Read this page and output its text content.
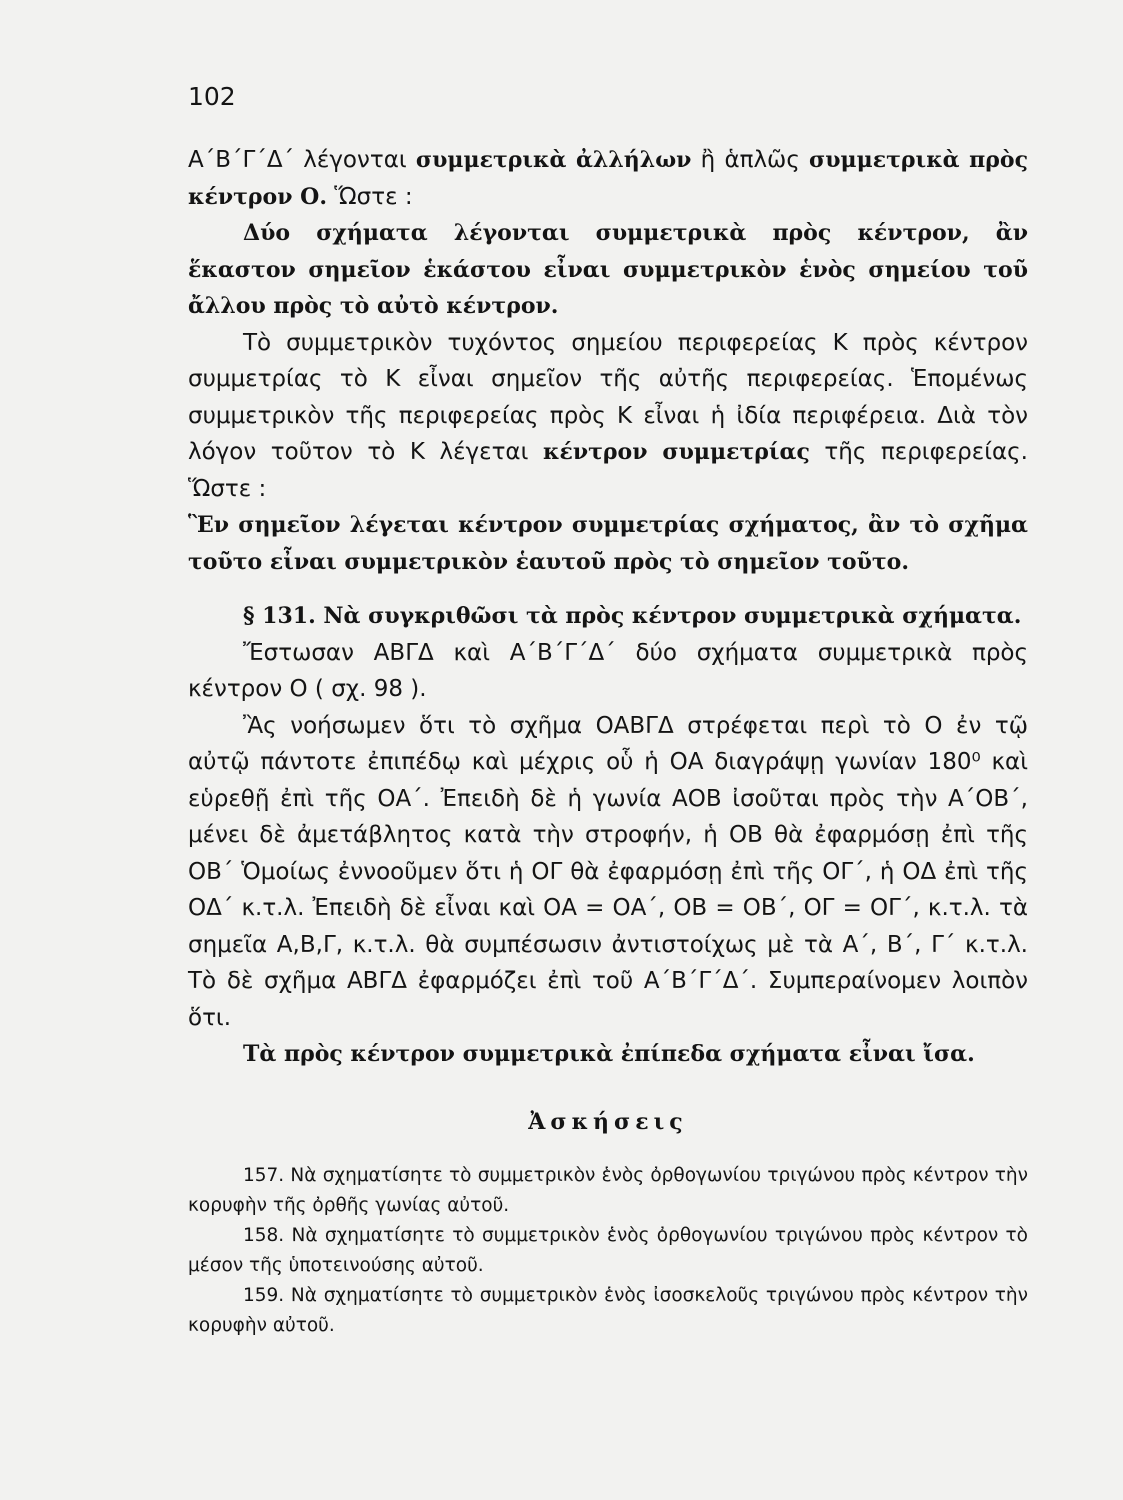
102

Α΄Β΄Γ΄Δ΄ λέγονται συμμετρικὰ ἀλλήλων ἢ ἁπλῶς συμμετρικὰ πρὸς κέντρον Ο. Ὥστε :

Δύο σχήματα λέγονται συμμετρικὰ πρὸς κέντρον, ἂν ἕκαστον σημεῖον ἑκάστου εἶναι συμμετρικὸν ἑνὸς σημείου τοῦ ἄλλου πρὸς τὸ αὐτὸ κέντρον.

Τὸ συμμετρικὸν τυχόντος σημείου περιφερείας Κ πρὸς κέντρον συμμετρίας τὸ Κ εἶναι σημεῖον τῆς αὐτῆς περιφερείας. Ἑπομένως συμμετρικὸν τῆς περιφερείας πρὸς Κ εἶναι ἡ ἰδία περιφέρεια. Διὰ τὸν λόγον τοῦτον τὸ Κ λέγεται κέντρον συμμετρίας τῆς περιφερείας. Ὥστε :

Ἓν σημεῖον λέγεται κέντρον συμμετρίας σχήματος, ἂν τὸ σχῆμα τοῦτο εἶναι συμμετρικὸν ἑαυτοῦ πρὸς τὸ σημεῖον τοῦτο.

§ 131. Νὰ συγκριθῶσι τὰ πρὸς κέντρον συμμετρικὰ σχήματα.

Ἔστωσαν ΑΒΓΔ καὶ Α΄Β΄Γ΄Δ΄ δύο σχήματα συμμετρικὰ πρὸς κέντρον Ο ( σχ. 98 ).

Ἂς νοήσωμεν ὅτι τὸ σχῆμα ΟΑΒΓΔ στρέφεται περὶ τὸ Ο ἐν τῷ αὐτῷ πάντοτε ἐπιπέδῳ καὶ μέχρις οὗ ἡ ΟΑ διαγράψῃ γωνίαν 180⁰ καὶ εὑρεθῇ ἐπὶ τῆς ΟΑ΄. Ἐπειδὴ δὲ ἡ γωνία ΑΟΒ ἰσοῦται πρὸς τὴν Α΄ΟΒ΄, μένει δὲ ἀμετάβλητος κατὰ τὴν στροφήν, ἡ ΟΒ θὰ ἐφαρμόσῃ ἐπὶ τῆς ΟΒ΄ Ὁμοίως ἐννοοῦμεν ὅτι ἡ ΟΓ θὰ ἐφαρμόσῃ ἐπὶ τῆς ΟΓ΄, ἡ ΟΔ ἐπὶ τῆς ΟΔ΄ κ.τ.λ. Ἐπειδὴ δὲ εἶναι καὶ ΟΑ = ΟΑ΄, ΟΒ = ΟΒ΄, ΟΓ = ΟΓ΄, κ.τ.λ. τὰ σημεῖα Α,Β,Γ, κ.τ.λ. θὰ συμπέσωσιν ἀντιστοίχως μὲ τὰ Α΄, Β΄, Γ΄ κ.τ.λ. Τὸ δὲ σχῆμα ΑΒΓΔ ἐφαρμόζει ἐπὶ τοῦ Α΄Β΄Γ΄Δ΄. Συμπεραίνομεν λοιπὸν ὅτι.

Τὰ πρὸς κέντρον συμμετρικὰ ἐπίπεδα σχήματα εἶναι ἴσα.

Ἀσκήσεις

157. Νὰ σχηματίσητε τὸ συμμετρικὸν ἑνὸς ὀρθογωνίου τριγώνου πρὸς κέντρον τὴν κορυφὴν τῆς ὀρθῆς γωνίας αὐτοῦ.

158. Νὰ σχηματίσητε τὸ συμμετρικὸν ἑνὸς ὀρθογωνίου τριγώνου πρὸς κέντρον τὸ μέσον τῆς ὑποτεινούσης αὐτοῦ.

159. Νὰ σχηματίσητε τὸ συμμετρικὸν ἑνὸς ἰσοσκελοῦς τριγώνου πρὸς κέντρον τὴν κορυφὴν αὐτοῦ.
